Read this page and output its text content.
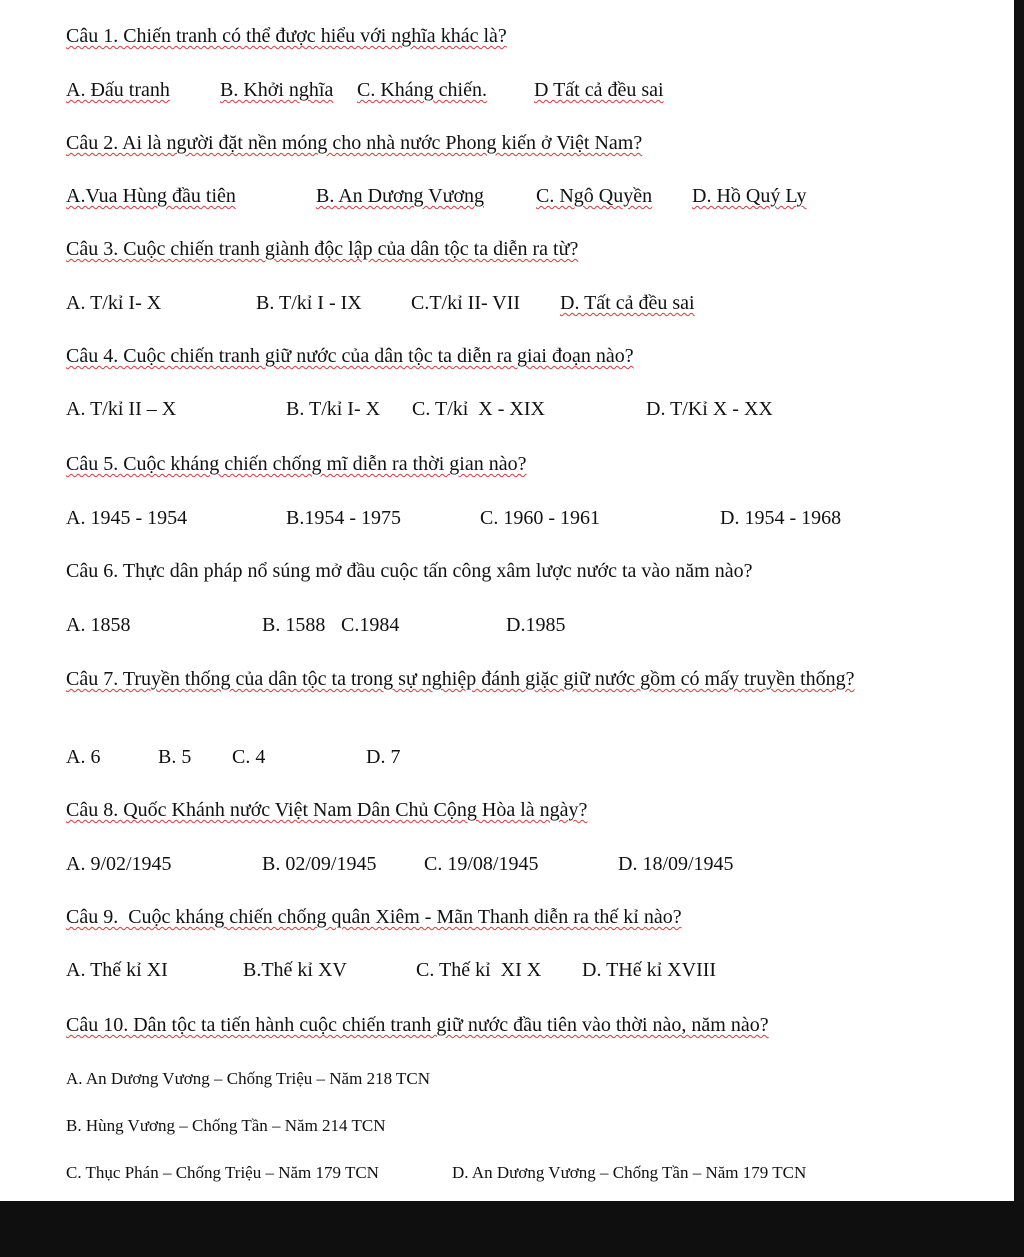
Câu 1. Chiến tranh có thể được hiểu với nghĩa khác là?

A. Đấu tranh

	B. Khởi nghĩa

C. Kháng chiến.

D Tất cả đều sai

Câu 2. Ai là người đặt nền móng cho nhà nước Phong kiến ở Việt Nam?

A.Vua Hùng đầu tiên

	B. An Dương Vương

	C. Ngô Quyền

D. Hồ Quý Ly

Câu 3. Cuộc chiến tranh giành độc lập của dân tộc ta diễn ra từ?

A. T/kỉ I- X

	B. T/kỉ I - IX

C.T/kỉ II- VII

D. Tất cả đều sai

Câu 4. Cuộc chiến tranh giữ nước của dân tộc ta diễn ra giai đoạn nào?

A. T/kỉ II – X

	B. T/kỉ I- X

C. T/kỉ  X - XIX

	D. T/Kỉ X - XX

Câu 5. Cuộc kháng chiến chống mĩ diễn ra thời gian nào?

A. 1945 - 1954

	B.1954 - 1975

	C. 1960 - 1961

	D. 1954 - 1968

Câu 6. Thực dân pháp nổ súng mở đầu cuộc tấn công xâm lược nước ta vào năm nào?

A. 1858

	B. 1588

C.1984

	D.1985

Câu 7. Truyền thống của dân tộc ta trong sự nghiệp đánh giặc giữ nước gồm có mấy truyền thống?

A. 6

	B. 5

C. 4

	D. 7

Câu 8. Quốc Khánh nước Việt Nam Dân Chủ Cộng Hòa là ngày?

A. 9/02/1945

	B. 02/09/1945

C. 19/08/1945

	D. 18/09/1945

Câu 9.  Cuộc kháng chiến chống quân Xiêm - Mãn Thanh diễn ra thế kỉ nào?

A. Thế kỉ XI

	B.Thế kỉ XV

	C. Thế kỉ  XI X

D. THế kỉ XVIII

Câu 10. Dân tộc ta tiến hành cuộc chiến tranh giữ nước đầu tiên vào thời nào, năm nào?
A. An Dương Vương – Chống Triệu – Năm 218 TCN
B. Hùng Vương – Chống Tần – Năm 214 TCN

C. Thục Phán – Chống Triệu – Năm 179 TCN

	D. An Dương Vương – Chống Tần – Năm 179 TCN
